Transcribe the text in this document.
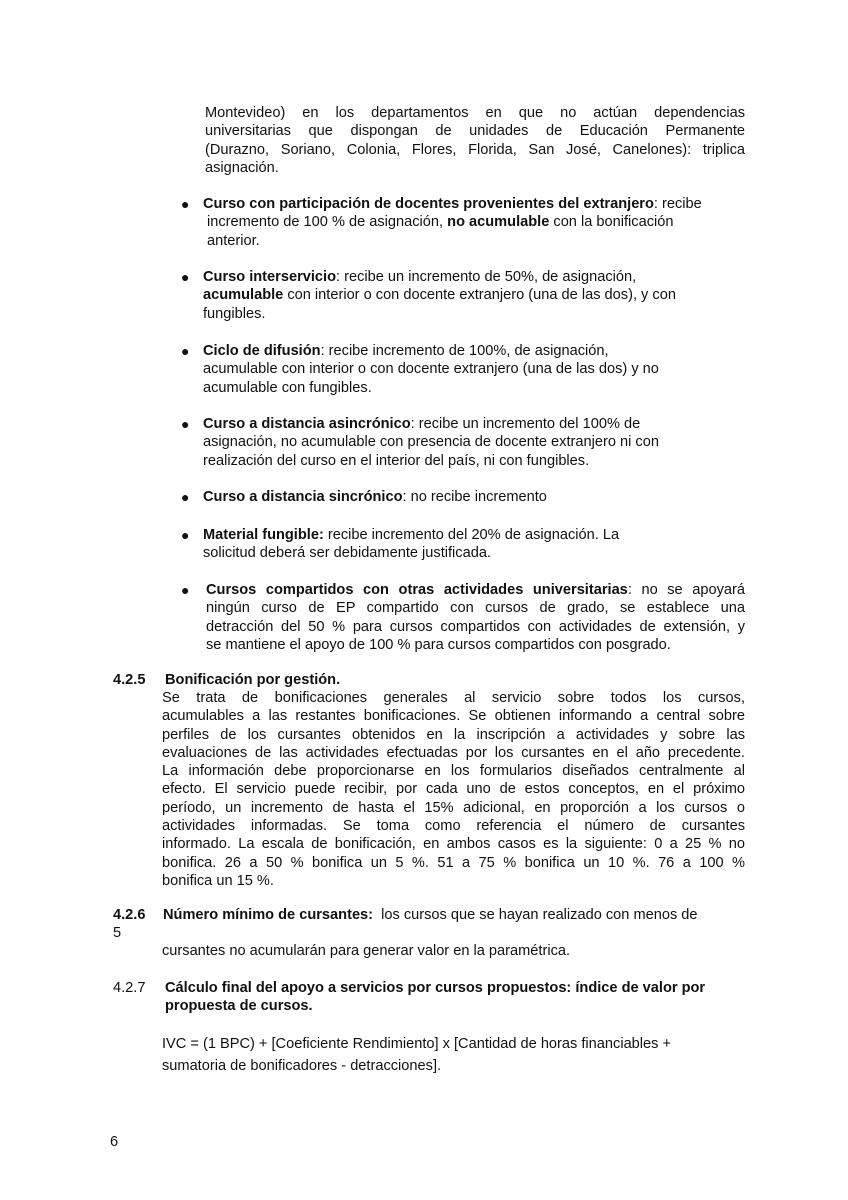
Montevideo) en los departamentos en que no actúan dependencias
universitarias que dispongan de unidades de Educación Permanente
(Durazno, Soriano, Colonia, Flores, Florida, San José, Canelones): triplica
asignación.
● Curso con participación de docentes provenientes del extranjero: recibe
incremento de 100 % de asignación, no acumulable con la bonificación
anterior.
● Curso interservicio: recibe un incremento de 50%, de asignación,
acumulable con interior o con docente extranjero (una de las dos), y con
fungibles.
● Ciclo de difusión: recibe incremento de 100%, de asignación,
acumulable con interior o con docente extranjero (una de las dos) y no
acumulable con fungibles.
● Curso a distancia asincrónico: recibe un incremento del 100% de
asignación, no acumulable con presencia de docente extranjero ni con
realización del curso en el interior del país, ni con fungibles.
● Curso a distancia sincrónico: no recibe incremento
● Material fungible: recibe incremento del 20% de asignación. La
solicitud deberá ser debidamente justificada.
● Cursos compartidos con otras actividades universitarias: no se apoyará
ningún curso de EP compartido con cursos de grado, se establece una
detracción del 50 % para cursos compartidos con actividades de extensión, y
se mantiene el apoyo de 100 % para cursos compartidos con posgrado.
4.2.5 Bonificación por gestión.
Se trata de bonificaciones generales al servicio sobre todos los cursos,
acumulables a las restantes bonificaciones. Se obtienen informando a central sobre
perfiles de los cursantes obtenidos en la inscripción a actividades y sobre las
evaluaciones de las actividades efectuadas por los cursantes en el año precedente.
La información debe proporcionarse en los formularios diseñados centralmente al
efecto. El servicio puede recibir, por cada uno de estos conceptos, en el próximo
período, un incremento de hasta el 15% adicional, en proporción a los cursos o
actividades informadas. Se toma como referencia el número de cursantes
informado. La escala de bonificación, en ambos casos es la siguiente: 0 a 25 % no
bonifica. 26 a 50 % bonifica un 5 %. 51 a 75 % bonifica un 10 %. 76 a 100 %
bonifica un 15 %.
4.2.6 Número mínimo de cursantes: los cursos que se hayan realizado con menos de
5
cursantes no acumularán para generar valor en la paramétrica.
4.2.7 Cálculo final del apoyo a servicios por cursos propuestos: índice de valor por
propuesta de cursos.
IVC = (1 BPC) + [Coeficiente Rendimiento] x [Cantidad de horas financiables +
sumatoria de bonificadores - detracciones].
6
